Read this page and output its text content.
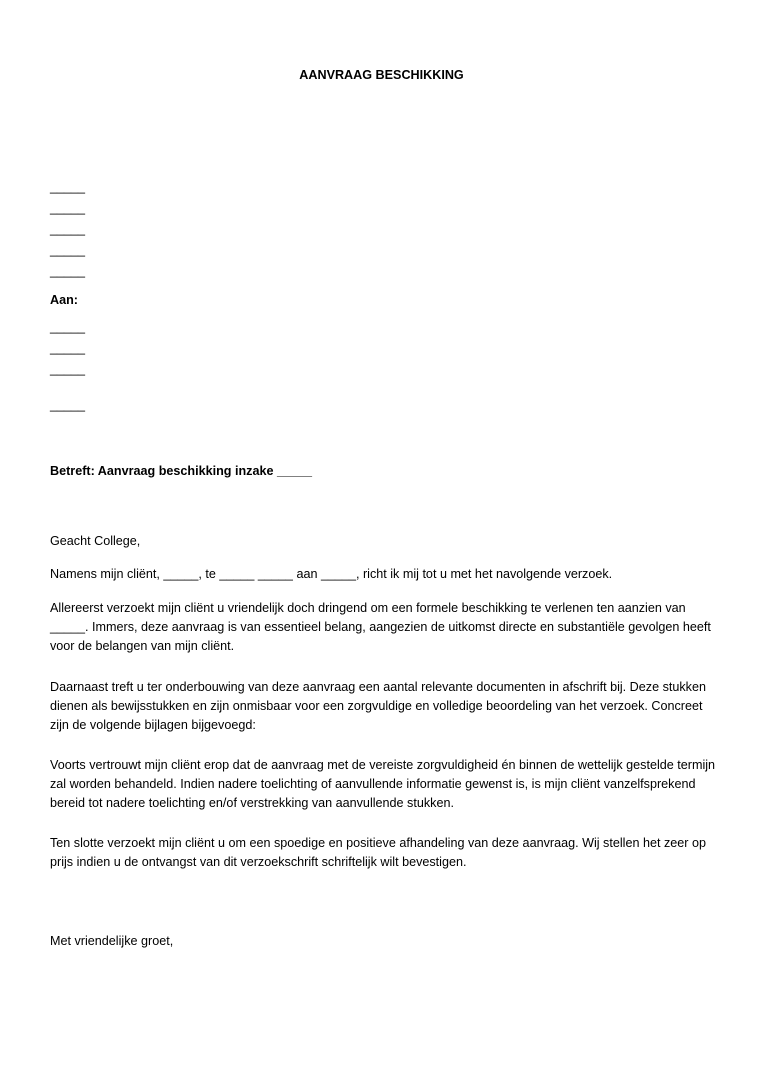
AANVRAAG BESCHIKKING
_____
_____
_____
_____
_____
Aan:
_____
_____
_____
_____
Betreft: Aanvraag beschikking inzake _____
Geacht College,
Namens mijn cliënt, _____, te _____ _____ aan _____, richt ik mij tot u met het navolgende verzoek.
Allereerst verzoekt mijn cliënt u vriendelijk doch dringend om een formele beschikking te verlenen ten aanzien van _____. Immers, deze aanvraag is van essentieel belang, aangezien de uitkomst directe en substantiële gevolgen heeft voor de belangen van mijn cliënt.
Daarnaast treft u ter onderbouwing van deze aanvraag een aantal relevante documenten in afschrift bij. Deze stukken dienen als bewijsstukken en zijn onmisbaar voor een zorgvuldige en volledige beoordeling van het verzoek. Concreet zijn de volgende bijlagen bijgevoegd:
Voorts vertrouwt mijn cliënt erop dat de aanvraag met de vereiste zorgvuldigheid én binnen de wettelijk gestelde termijn zal worden behandeld. Indien nadere toelichting of aanvullende informatie gewenst is, is mijn cliënt vanzelfsprekend bereid tot nadere toelichting en/of verstrekking van aanvullende stukken.
Ten slotte verzoekt mijn cliënt u om een spoedige en positieve afhandeling van deze aanvraag. Wij stellen het zeer op prijs indien u de ontvangst van dit verzoekschrift schriftelijk wilt bevestigen.
Met vriendelijke groet,
